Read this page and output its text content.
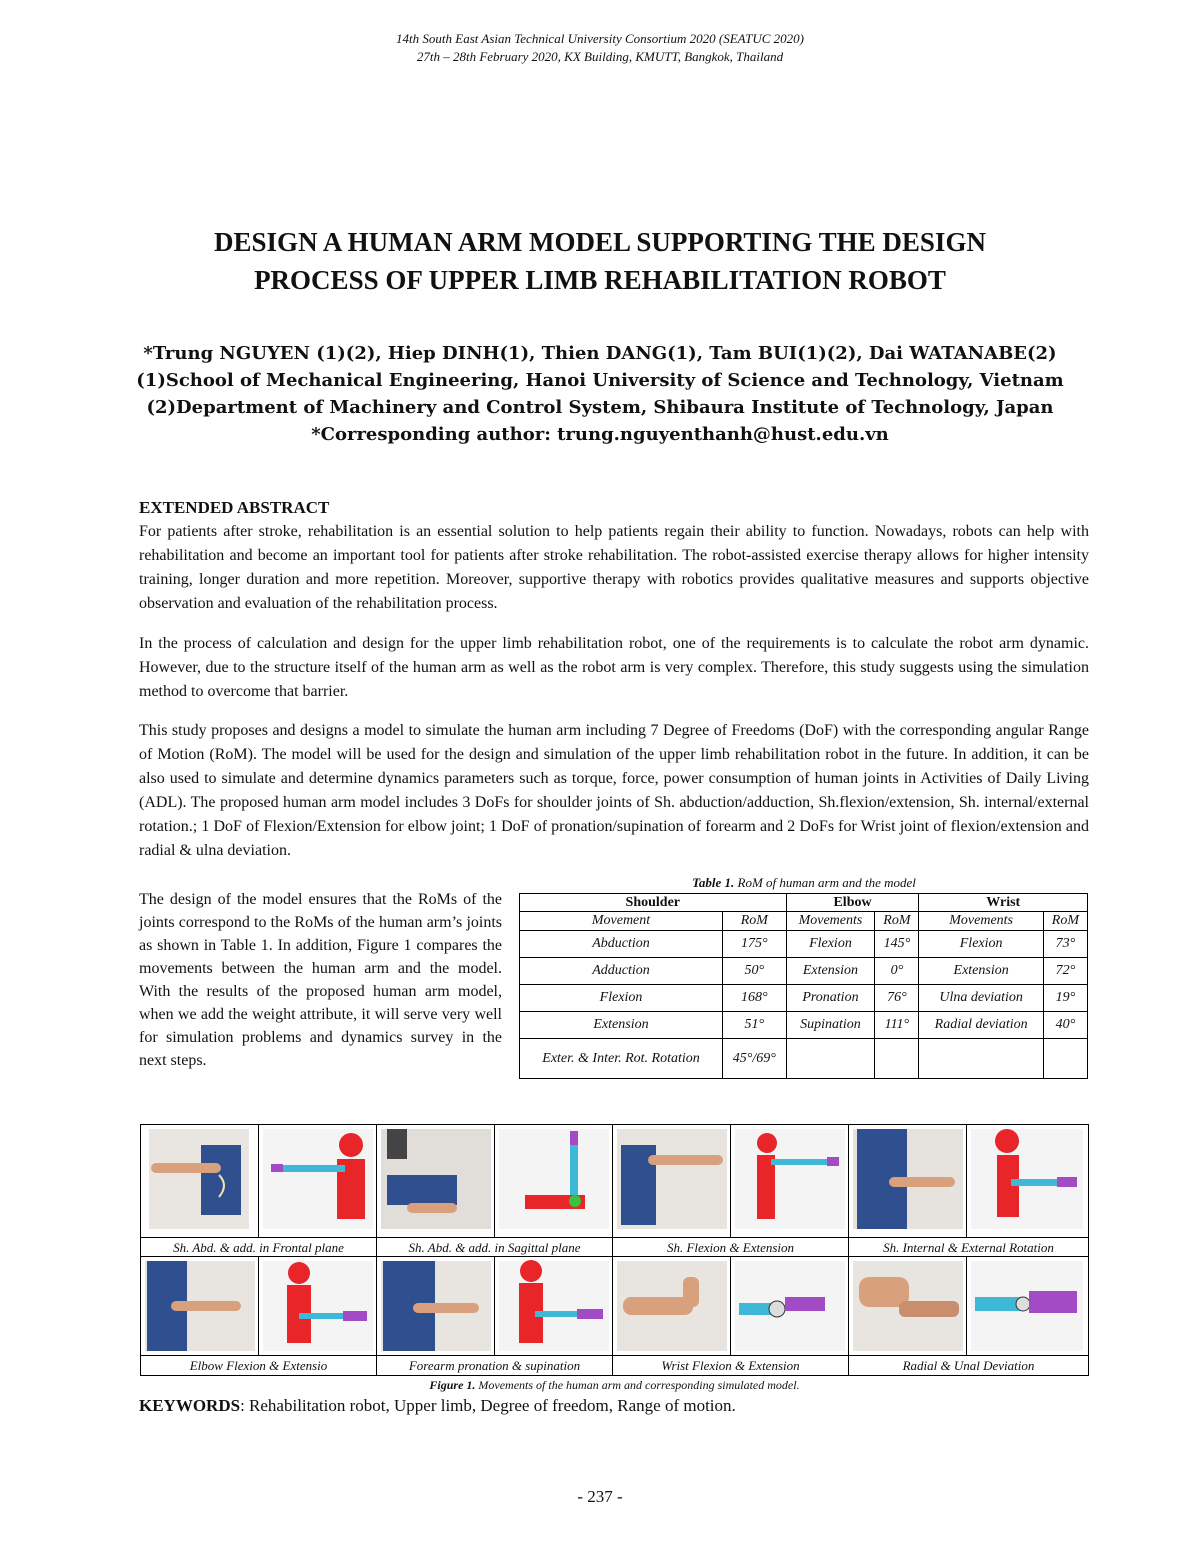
14th South East Asian Technical University Consortium 2020 (SEATUC 2020)
27th – 28th February 2020, KX Building, KMUTT, Bangkok, Thailand
DESIGN A HUMAN ARM MODEL SUPPORTING THE DESIGN
PROCESS OF UPPER LIMB REHABILITATION ROBOT
*Trung NGUYEN (1)(2), Hiep DINH(1), Thien DANG(1), Tam BUI(1)(2), Dai WATANABE(2)
(1)School of Mechanical Engineering, Hanoi University of Science and Technology, Vietnam
(2)Department of Machinery and Control System, Shibaura Institute of Technology, Japan
*Corresponding author: trung.nguyenthanh@hust.edu.vn
EXTENDED ABSTRACT

For patients after stroke, rehabilitation is an essential solution to help patients regain their ability to function. Nowadays, robots can help with rehabilitation and become an important tool for patients after stroke rehabilitation. The robot-assisted exercise therapy allows for higher intensity training, longer duration and more repetition. Moreover, supportive therapy with robotics provides qualitative measures and supports objective observation and evaluation of the rehabilitation process.

In the process of calculation and design for the upper limb rehabilitation robot, one of the requirements is to calculate the robot arm dynamic. However, due to the structure itself of the human arm as well as the robot arm is very complex. Therefore, this study suggests using the simulation method to overcome that barrier.

This study proposes and designs a model to simulate the human arm including 7 Degree of Freedoms (DoF) with the corresponding angular Range of Motion (RoM). The model will be used for the design and simulation of the upper limb rehabilitation robot in the future. In addition, it can be also used to simulate and determine dynamics parameters such as torque, force, power consumption of human joints in Activities of Daily Living (ADL). The proposed human arm model includes 3 DoFs for shoulder joints of Sh. abduction/adduction, Sh.flexion/extension, Sh. internal/external rotation.; 1 DoF of Flexion/Extension for elbow joint; 1 DoF of pronation/supination of forearm and 2 DoFs for Wrist joint of flexion/extension and radial & ulna deviation.

The design of the model ensures that the RoMs of the joints correspond to the RoMs of the human arm’s joints as shown in Table 1. In addition, Figure 1 compares the movements between the human arm and the model. With the results of the proposed human arm model, when we add the weight attribute, it will serve very well for simulation problems and dynamics survey in the next steps.
Table 1. RoM of human arm and the model
Shoulder		Elbow		Wrist	
Movement	RoM	Movements	RoM	Movements	RoM
Abduction	175°	Flexion	145°	Flexion	73°
Adduction	50°	Extension	0°	Extension	72°
Flexion	168°	Pronation	76°	Ulna deviation	19°
Extension	51°	Supination	111°	Radial deviation	40°
Exter. & Inter. Rot. Rotation	45°/69°				
Sh. Abd. & add. in Frontal plane	Sh. Abd. & add. in Sagittal plane	Sh. Flexion & Extension	Sh. Internal & External Rotation
Elbow Flexion & Extensio	Forearm pronation & supination	Wrist Flexion & Extension	Radial & Unal Deviation
Figure 1. Movements of the human arm and corresponding simulated model.
KEYWORDS: Rehabilitation robot, Upper limb, Degree of freedom, Range of motion.
- 237 -
